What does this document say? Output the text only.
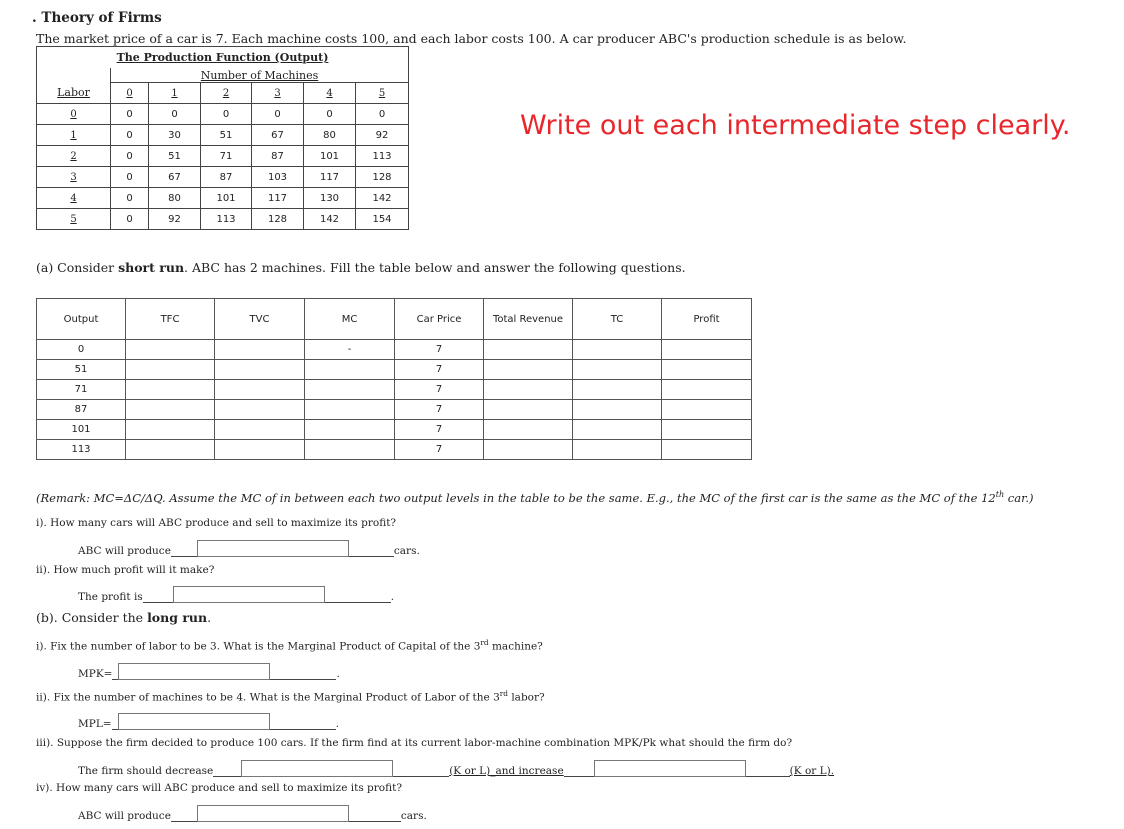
. Theory of Firms
The market price of a car is 7. Each machine costs 100, and each labor costs 100. A car producer ABC's production schedule is as below.
Write out each intermediate step clearly.
The Production Function (Output)						
	Number of Machines					
Labor	0	1	2	3	4	5
0	0	0	0	0	0	0
1	0	30	51	67	80	92
2	0	51	71	87	101	113
3	0	67	87	103	117	128
4	0	80	101	117	130	142
5	0	92	113	128	142	154
(a) Consider short run. ABC has 2 machines. Fill the table below and answer the following questions.
Output	TFC	TVC	MC	Car Price	Total Revenue	TC	Profit
0			-	7			
51				7			
71				7			
87				7			
101				7			
113				7			
(Remark: MC=ΔC/ΔQ. Assume the MC of in between each two output levels in the table to be the same. E.g., the MC of the first car is the same as the MC of the 12th car.)
i). How many cars will ABC produce and sell to maximize its profit?
ABC will produce	cars.
ii). How much profit will it make?
The profit is	.
(b). Consider the long run.
i). Fix the number of labor to be 3. What is the Marginal Product of Capital of the 3rd machine?
MPK=	.
ii). Fix the number of machines to be 4. What is the Marginal Product of Labor of the 3rd labor?
MPL=	.
iii). Suppose the firm decided to produce 100 cars. If the firm find at its current labor-machine combination MPK/Pk what should the firm do?
The firm should decrease	(K or L)_and increase	(K or L).
iv). How many cars will ABC produce and sell to maximize its profit?
ABC will produce	cars.
